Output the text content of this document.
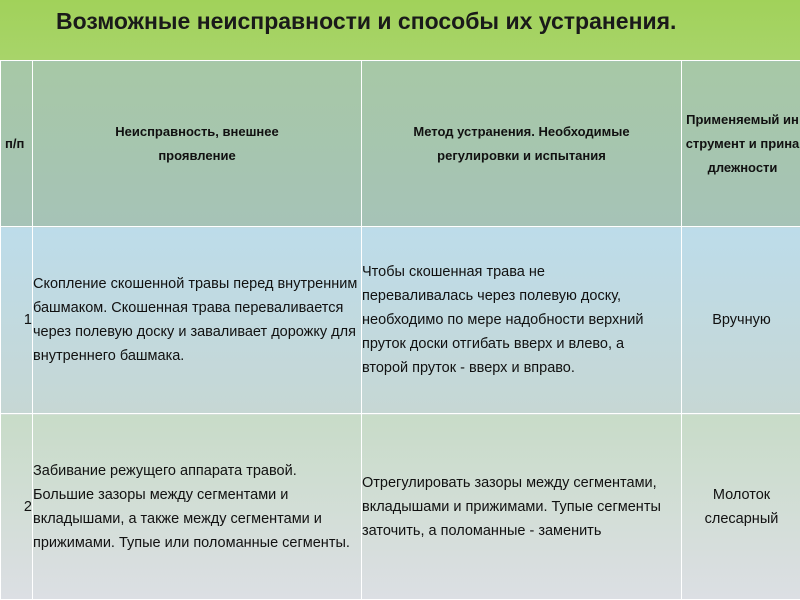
Возможные неисправности и способы их устранения.
п/п	Неисправность, внешнее проявление	Метод устранения. Необходимые регулировки и испытания	Применяемый инструмент и принадлежности
1	Скопление скошенной травы перед внутренним башмаком. Скошенная трава переваливается через полевую доску и заваливает дорожку для внутреннего башмака.	Чтобы скошенная трава не переваливалась через полевую доску, необходимо по мере надобности верхний пруток доски отгибать вверх и влево, а второй пруток - вверх и вправо.	Вручную
2	Забивание режущего аппарата травой. Большие зазоры между сегментами и вкладышами, а также между сегментами и прижимами. Тупые или поломанные сегменты.	Отрегулировать зазоры между сегментами, вкладышами и прижимами. Тупые сегменты заточить, а поломанные - заменить	Молоток слесарный
